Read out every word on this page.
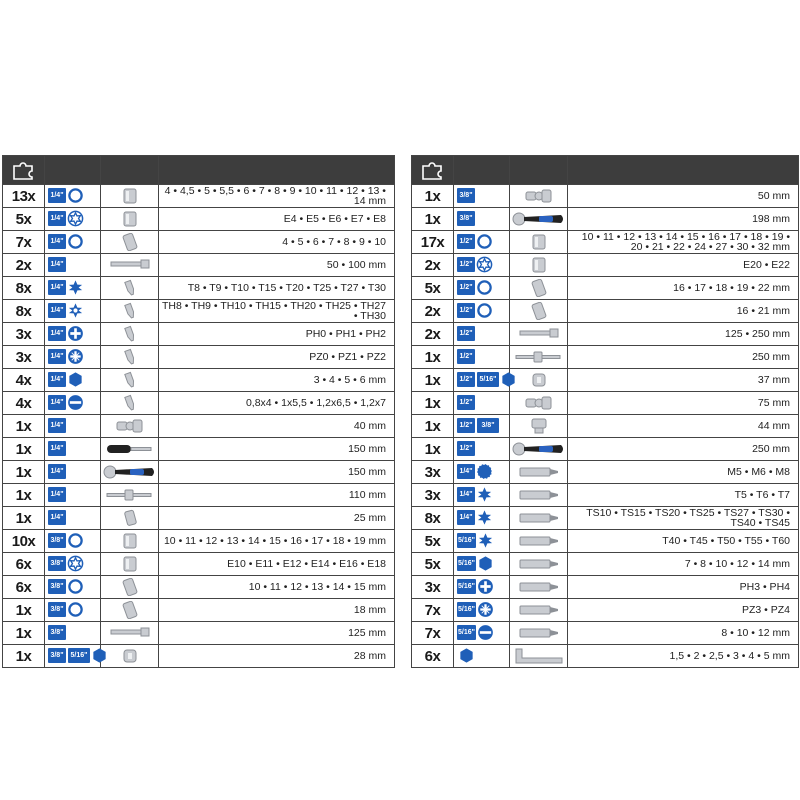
13x	1/4"		4 • 4,5 • 5 • 5,5 • 6 • 7 • 8 • 9 • 10 • 11 • 12 • 13 • 14 mm
5x	1/4"		E4 • E5 • E6 • E7 • E8
7x	1/4"		4 • 5 • 6 • 7 • 8 • 9 • 10
2x	1/4"		50 • 100 mm
8x	1/4"		T8 • T9 • T10 • T15 • T20 • T25 • T27 • T30
8x	1/4"		TH8 • TH9 • TH10 • TH15 • TH20 • TH25 • TH27 • TH30
3x	1/4"		PH0 • PH1 • PH2
3x	1/4"		PZ0 • PZ1 • PZ2
4x	1/4"		3 • 4 • 5 • 6 mm
4x	1/4"		0,8x4 • 1x5,5 • 1,2x6,5 • 1,2x7
1x	1/4"		40 mm
1x	1/4"		150 mm
1x	1/4"		150 mm
1x	1/4"		110 mm
1x	1/4"		25 mm
10x	3/8"		10 • 11 • 12 • 13 • 14 • 15 • 16 • 17 • 18 • 19 mm
6x	3/8"		E10 • E11 • E12 • E14 • E16 • E18
6x	3/8"		10 • 11 • 12 • 13 • 14 • 15 mm
1x	3/8"		18 mm
1x	3/8"		125 mm
1x	3/8" 5/16"		28 mm

1x	3/8"		50 mm
1x	3/8"		198 mm
17x	1/2"		10 • 11 • 12 • 13 • 14 • 15 • 16 • 17 • 18 • 19 • 20 • 21 • 22 • 24 • 27 • 30 • 32 mm
2x	1/2"		E20 • E22
5x	1/2"		16 • 17 • 18 • 19 • 22 mm
2x	1/2"		16 • 21 mm
2x	1/2"		125 • 250 mm
1x	1/2"		250 mm
1x	1/2" 5/16"		37 mm
1x	1/2"		75 mm
1x	1/2" 3/8"		44 mm
1x	1/2"		250 mm
3x	1/4"		M5 • M6 • M8
3x	1/4"		T5 • T6 • T7
8x	1/4"		TS10 • TS15 • TS20 • TS25 • TS27 • TS30 • TS40 • TS45
5x	5/16"		T40 • T45 • T50 • T55 • T60
5x	5/16"		7 • 8 • 10 • 12 • 14 mm
3x	5/16"		PH3 • PH4
7x	5/16"		PZ3 • PZ4
7x	5/16"		8 • 10 • 12 mm
6x			1,5 • 2 • 2,5 • 3 • 4 • 5 mm
